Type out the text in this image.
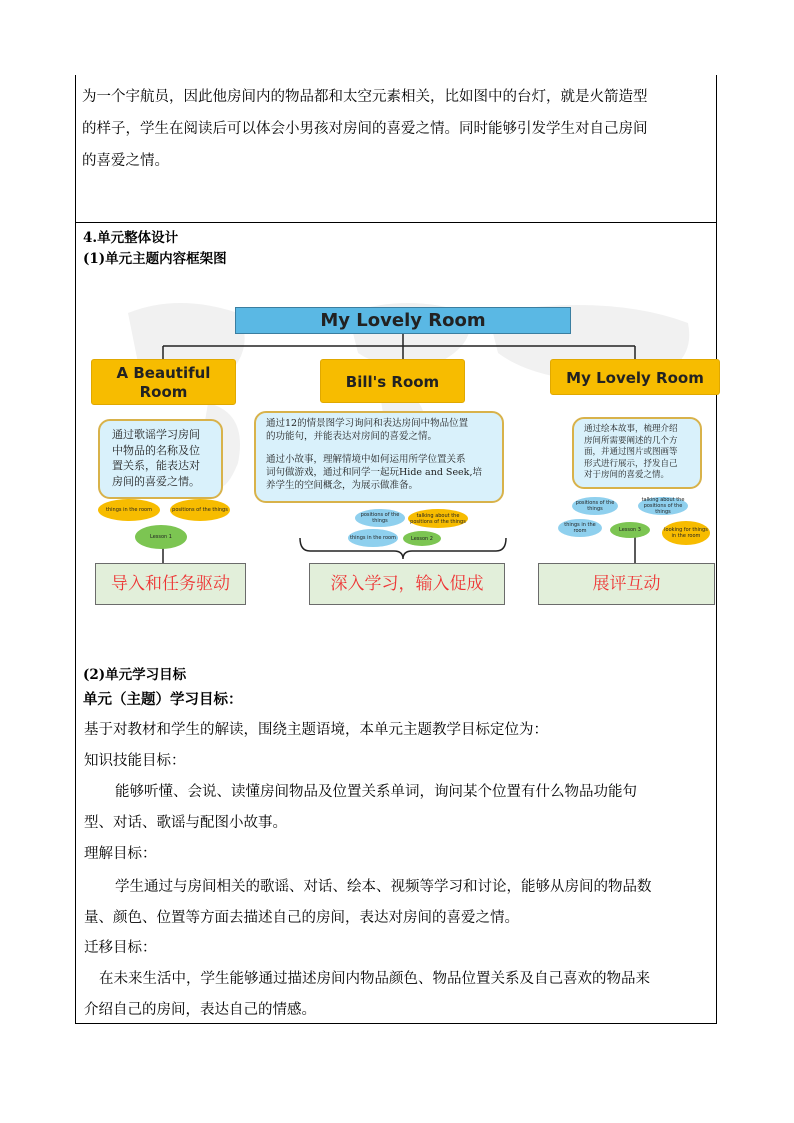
为一个宇航员，因此他房间内的物品都和太空元素相关，比如图中的台灯，就是火箭造型
的样子，学生在阅读后可以体会小男孩对房间的喜爱之情。同时能够引发学生对自己房间
的喜爱之情。
4.单元整体设计
(1)单元主题内容框架图
My Lovely Room
A Beautiful
Room
Bill's Room	My Lovely Room
通过歌谣学习房间
中物品的名称及位
置关系，能表达对
房间的喜爱之情。
通过12的情景图学习询问和表达房间中物品位置
的功能句，并能表达对房间的喜爱之情。
通过小故事，理解情境中如何运用所学位置关系
词句做游戏，通过和同学一起玩Hide and Seek,培
养学生的空间概念，为展示做准备。
通过绘本故事，梳理介绍
房间所需要阐述的几个方
面，并通过图片或图画等
形式进行展示，抒发自己
对于房间的喜爱之情。
things in the room	positions of the things
Lesson 1
positions of the things
talking about the positions of the things
things in the room	Lesson 2
positions of the things
talking about the positions of the things
things in the room	Lesson 3	looking for things in the room
导入和任务驱动	深入学习，输入促成	展评互动
(2)单元学习目标
单元（主题）学习目标：
基于对教材和学生的解读，围绕主题语境，本单元主题教学目标定位为：
知识技能目标：
能够听懂、会说、读懂房间物品及位置关系单词，询问某个位置有什么物品功能句
型、对话、歌谣与配图小故事。
理解目标：
学生通过与房间相关的歌谣、对话、绘本、视频等学习和讨论，能够从房间的物品数
量、颜色、位置等方面去描述自己的房间，表达对房间的喜爱之情。
迁移目标：
在未来生活中，学生能够通过描述房间内物品颜色、物品位置关系及自己喜欢的物品来
介绍自己的房间，表达自己的情感。
